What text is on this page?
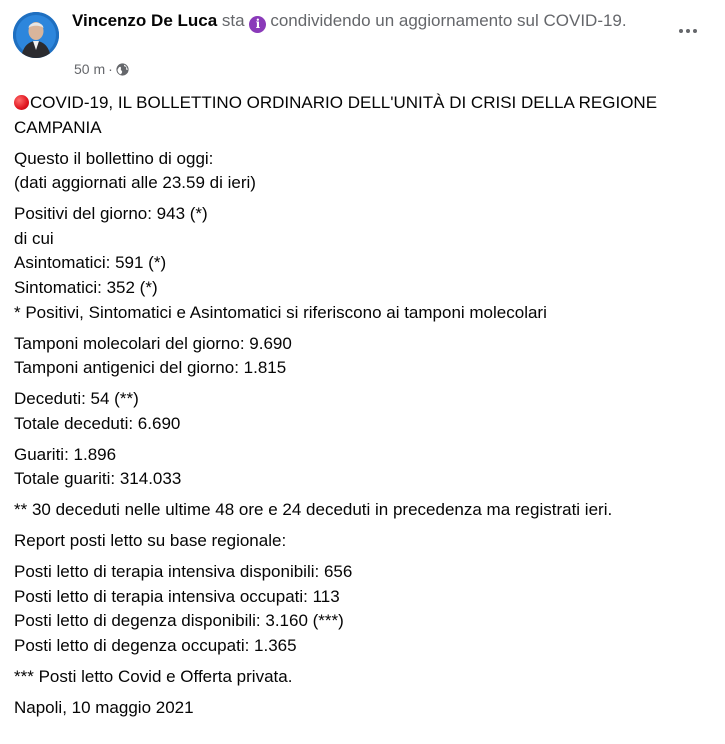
Vincenzo De Luca sta i condividendo un aggiornamento sul COVID-19.
50 m ·
COVID-19, IL BOLLETTINO ORDINARIO DELL'UNITÀ DI CRISI DELLA REGIONE CAMPANIA
Questo il bollettino di oggi:
(dati aggiornati alle 23.59 di ieri)
Positivi del giorno: 943 (*)
di cui
Asintomatici: 591 (*)
Sintomatici: 352 (*)
* Positivi, Sintomatici e Asintomatici si riferiscono ai tamponi molecolari
Tamponi molecolari del giorno: 9.690
Tamponi antigenici del giorno: 1.815
Deceduti: 54 (**)
Totale deceduti: 6.690
Guariti: 1.896
Totale guariti: 314.033
** 30 deceduti nelle ultime 48 ore e 24 deceduti in precedenza ma registrati ieri.
Report posti letto su base regionale:
Posti letto di terapia intensiva disponibili: 656
Posti letto di terapia intensiva occupati: 113
Posti letto di degenza disponibili: 3.160 (***)
Posti letto di degenza occupati: 1.365
*** Posti letto Covid e Offerta privata.
Napoli, 10 maggio 2021
